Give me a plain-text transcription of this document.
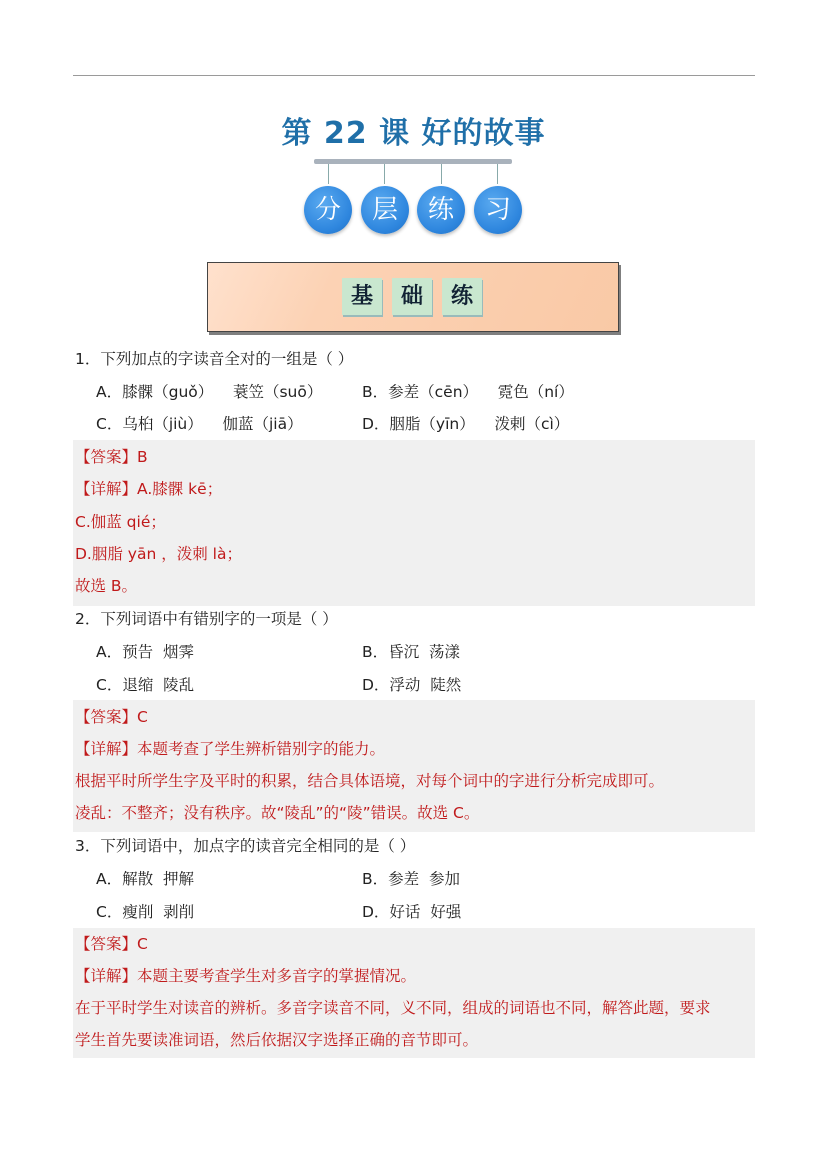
第 22 课 好的故事
分	层	练	习
基	础	练
1．下列加点的字读音全对的一组是（ ）
A．膝髁（guǒ）    蓑笠（suō）	B．参差（cēn）    霓色（ní）
C．乌桕（jiù）    伽蓝（jiā）	D．胭脂（yīn）    泼剌（cì）
【答案】B
【详解】A.膝髁 kē；
C.伽蓝 qié；
D.胭脂 yān ，泼刺 là；
故选 B。
2．下列词语中有错别字的一项是（ ）
A．预告  烟霁	B．昏沉  荡漾
C．退缩  陵乱	D．浮动  陡然
【答案】C
【详解】本题考查了学生辨析错别字的能力。
根据平时所学生字及平时的积累，结合具体语境，对每个词中的字进行分析完成即可。
凌乱：不整齐；没有秩序。故“陵乱”的“陵”错误。故选 C。
3．下列词语中，加点字的读音完全相同的是（ ）
A．解散  押解	B．参差  参加
C．瘦削  剥削	D．好话  好强
【答案】C
【详解】本题主要考查学生对多音字的掌握情况。
在于平时学生对读音的辨析。多音字读音不同，义不同，组成的词语也不同，解答此题，要求
学生首先要读准词语，然后依据汉字选择正确的音节即可。
